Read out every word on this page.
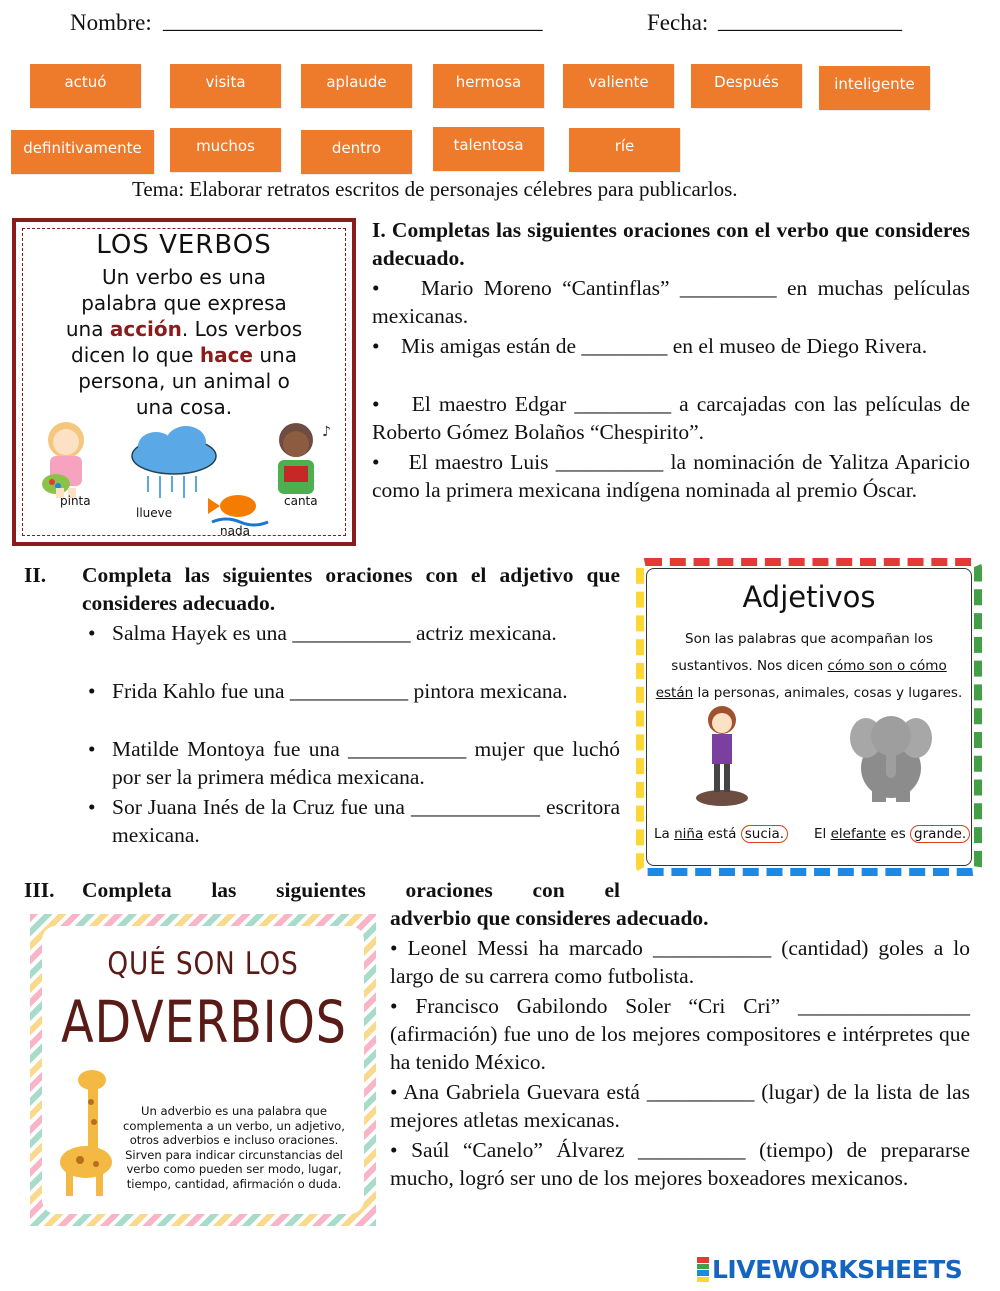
Nombre: _________________________________	Fecha: ________________
actuó	visita	aplaude	hermosa	valiente	Después	inteligente
definitivamente	muchos	dentro	talentosa	ríe
Tema: Elaborar retratos escritos de personajes célebres para publicarlos.
LOS VERBOS
Un verbo es una
palabra que expresa
una acción. Los verbos
dicen lo que hace una
persona, un animal o
una cosa.
♪
pinta
llueve
nada
canta
I. Completas las siguientes oraciones con el verbo que consideres adecuado.
•    Mario Moreno “Cantinflas” _________ en muchas películas mexicanas.
•    Mis amigas están de ________ en el museo de Diego Rivera.
•    El maestro Edgar _________ a carcajadas con las películas de Roberto Gómez Bolaños “Chespirito”.
•    El maestro Luis __________ la nominación de Yalitza Aparicio como la primera mexicana indígena nominada al premio Óscar.
II. Completa las siguientes oraciones con el adjetivo que consideres adecuado.
• Salma Hayek es una ___________ actriz mexicana.
• Frida Kahlo fue una ___________ pintora mexicana.
• Matilde Montoya fue una ___________ mujer que luchó por ser la primera médica mexicana.
• Sor Juana Inés de la Cruz fue una ____________ escritora mexicana.
Adjetivos
Son las palabras que acompañan los
sustantivos. Nos dicen cómo son o cómo
están la personas, animales, cosas y lugares.
La niña está sucia. El elefante es grande.
III. Completa las siguientes oraciones con el
adverbio que consideres adecuado.
• Leonel Messi ha marcado ___________ (cantidad) goles a lo largo de su carrera como futbolista.
• Francisco Gabilondo Soler “Cri Cri” ________________ (afirmación) fue uno de los mejores compositores e intérpretes que ha tenido México.
• Ana Gabriela Guevara está __________ (lugar) de la lista de las mejores atletas mexicanas.
• Saúl “Canelo” Álvarez __________ (tiempo) de prepararse mucho, logró ser uno de los mejores boxeadores mexicanos.
QUÉ SON LOS
ADVERBIOS
Un adverbio es una palabra que complementa a un verbo, un adjetivo, otros adverbios e incluso oraciones. Sirven para indicar circunstancias del verbo como pueden ser modo, lugar, tiempo, cantidad, afirmación o duda.
LIVEWORKSHEETS
